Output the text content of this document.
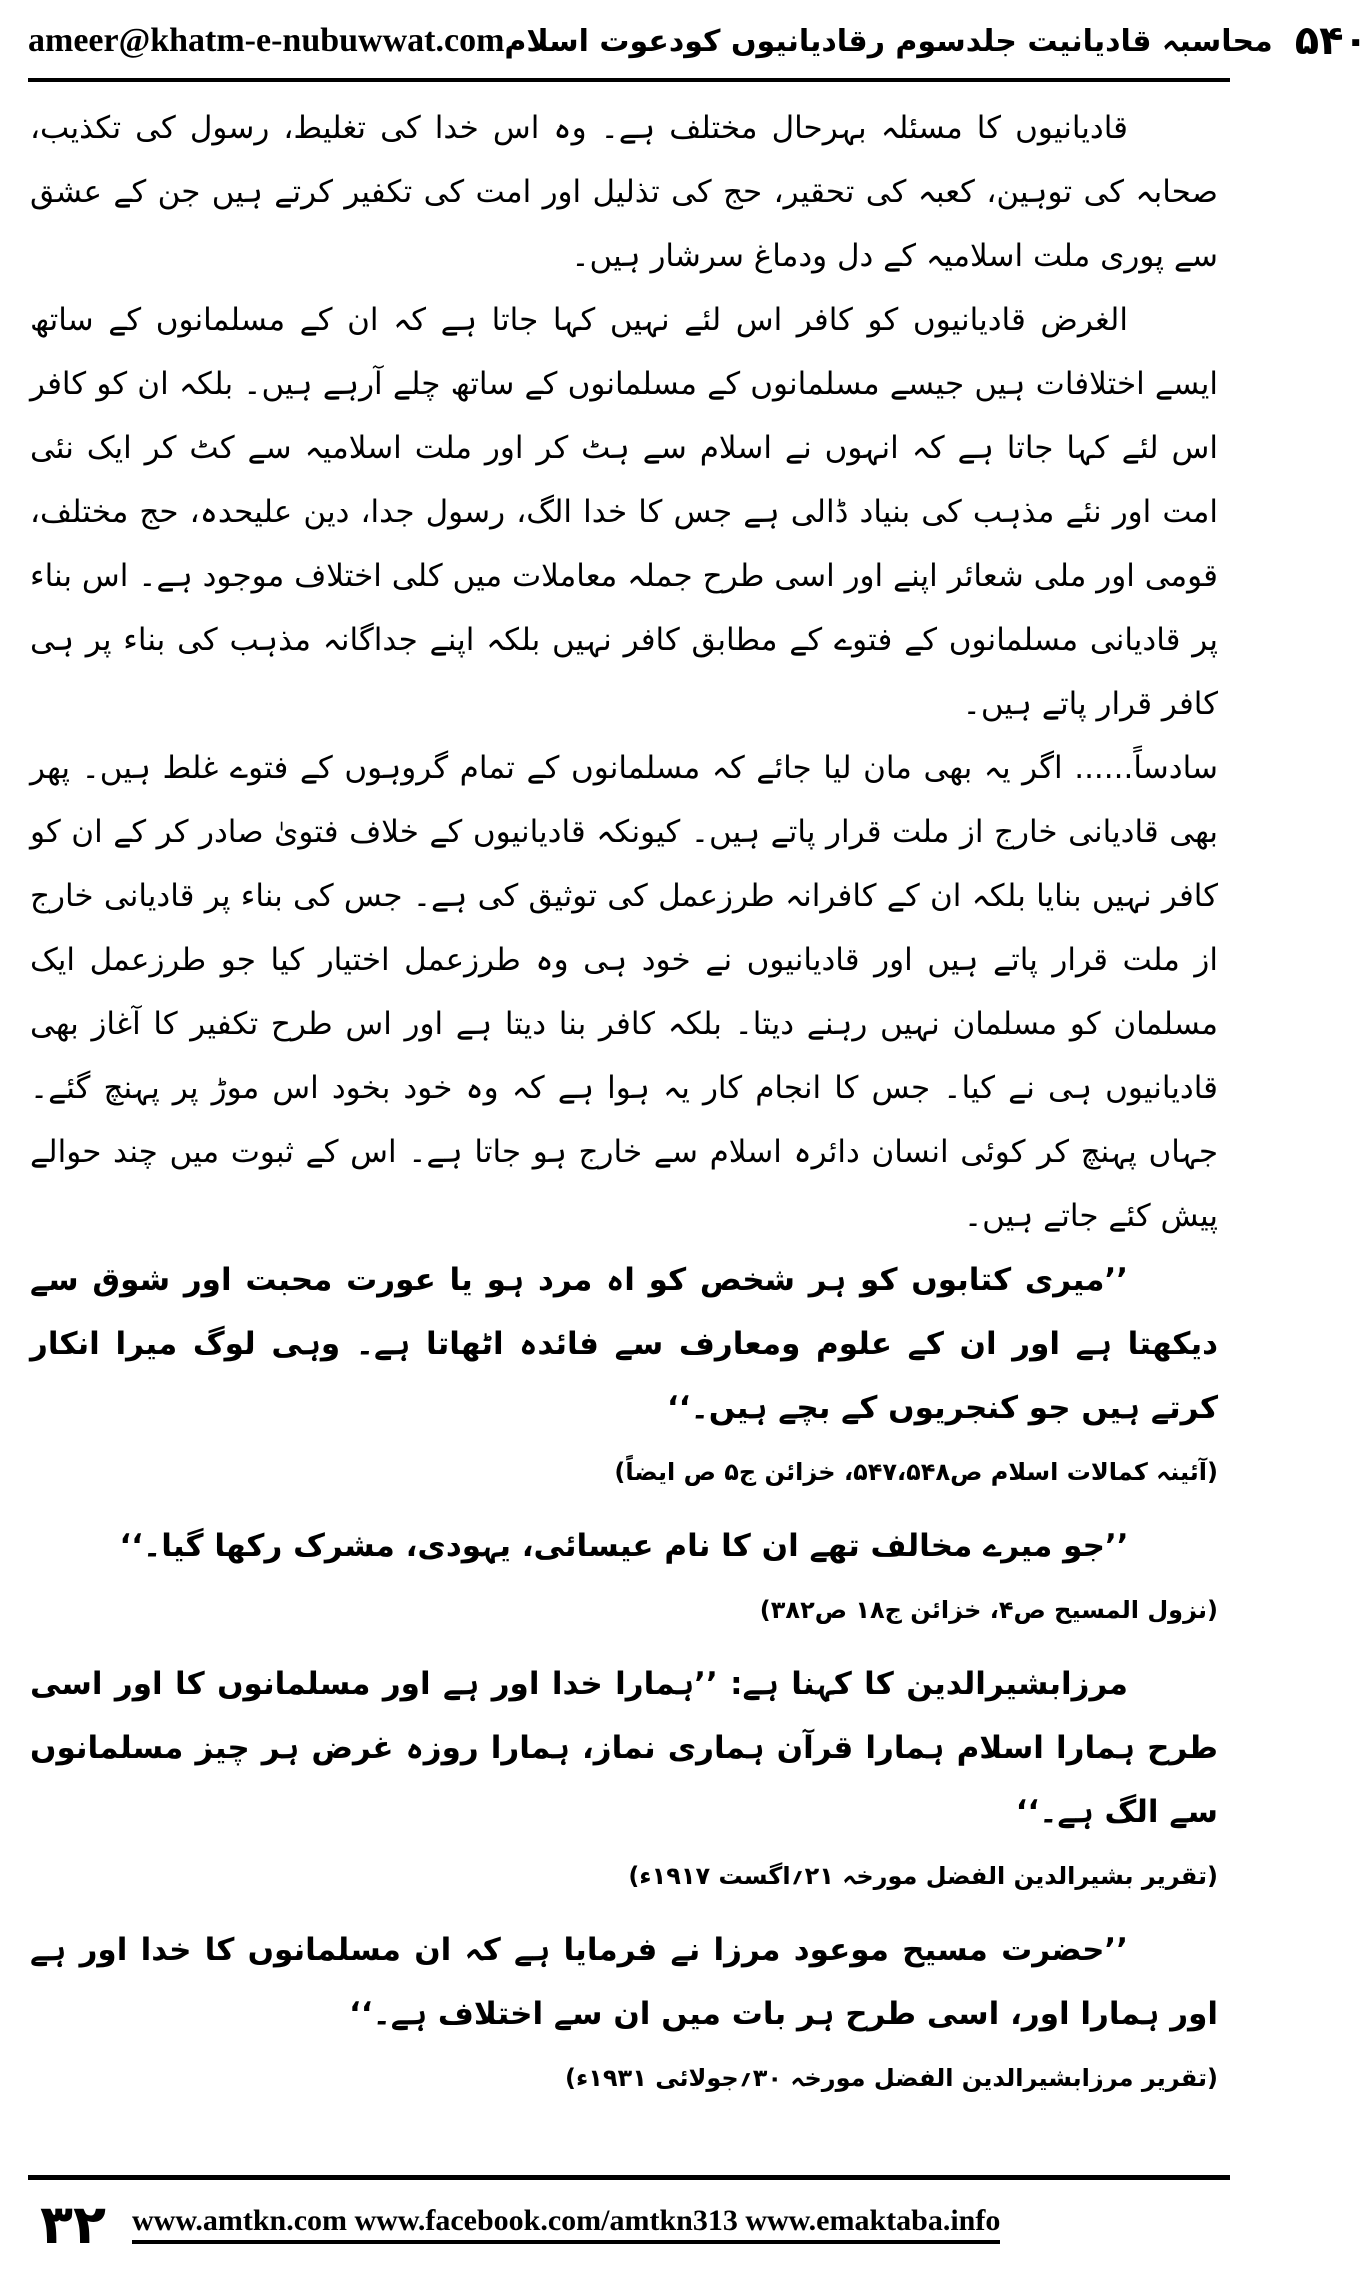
ameer@khatm-e-nubuwwat.com محاسبہ قادیانیت جلدسوم رقادیانیوں کودعوت اسلام ۵۴۰

قادیانیوں کا مسئلہ بہرحال مختلف ہے۔ وہ اس خدا کی تغلیط، رسول کی تکذیب، صحابہ کی توہین، کعبہ کی تحقیر، حج کی تذلیل اور امت کی تکفیر کرتے ہیں جن کے عشق سے پوری ملت اسلامیہ کے دل ودماغ سرشار ہیں۔

الغرض قادیانیوں کو کافر اس لئے نہیں کہا جاتا ہے کہ ان کے مسلمانوں کے ساتھ ایسے اختلافات ہیں جیسے مسلمانوں کے مسلمانوں کے ساتھ چلے آرہے ہیں۔ بلکہ ان کو کافر اس لئے کہا جاتا ہے کہ انہوں نے اسلام سے ہٹ کر اور ملت اسلامیہ سے کٹ کر ایک نئی امت اور نئے مذہب کی بنیاد ڈالی ہے جس کا خدا الگ، رسول جدا، دین علیحدہ، حج مختلف، قومی اور ملی شعائر اپنے اور اسی طرح جملہ معاملات میں کلی اختلاف موجود ہے۔ اس بناء پر قادیانی مسلمانوں کے فتوے کے مطابق کافر نہیں بلکہ اپنے جداگانہ مذہب کی بناء پر ہی کافر قرار پاتے ہیں۔

سادساً...... اگر یہ بھی مان لیا جائے کہ مسلمانوں کے تمام گروہوں کے فتوے غلط ہیں۔ پھر بھی قادیانی خارج از ملت قرار پاتے ہیں۔ کیونکہ قادیانیوں کے خلاف فتویٰ صادر کر کے ان کو کافر نہیں بنایا بلکہ ان کے کافرانہ طرزعمل کی توثیق کی ہے۔ جس کی بناء پر قادیانی خارج از ملت قرار پاتے ہیں اور قادیانیوں نے خود ہی وہ طرزعمل اختیار کیا جو طرزعمل ایک مسلمان کو مسلمان نہیں رہنے دیتا۔ بلکہ کافر بنا دیتا ہے اور اس طرح تکفیر کا آغاز بھی قادیانیوں ہی نے کیا۔ جس کا انجام کار یہ ہوا ہے کہ وہ خود بخود اس موڑ پر پہنچ گئے۔ جہاں پہنچ کر کوئی انسان دائرہ اسلام سے خارج ہو جاتا ہے۔ اس کے ثبوت میں چند حوالے پیش کئے جاتے ہیں۔

’’میری کتابوں کو ہر شخص کو اہ مرد ہو یا عورت محبت اور شوق سے دیکھتا ہے اور ان کے علوم ومعارف سے فائدہ اٹھاتا ہے۔ وہی لوگ میرا انکار کرتے ہیں جو کنجریوں کے بچے ہیں۔‘‘

(آئینہ کمالات اسلام ص۵۴۷،۵۴۸، خزائن ج۵ ص ایضاً)

’’جو میرے مخالف تھے ان کا نام عیسائی، یہودی، مشرک رکھا گیا۔‘‘

(نزول المسیح ص۴، خزائن ج۱۸ ص۳۸۲)

مرزابشیرالدین کا کہنا ہے: ’’ہمارا خدا اور ہے اور مسلمانوں کا اور اسی طرح ہمارا اسلام ہمارا قرآن ہماری نماز، ہمارا روزہ غرض ہر چیز مسلمانوں سے الگ ہے۔‘‘

(تقریر بشیرالدین الفضل مورخہ ۲۱؍اگست ۱۹۱۷ء)

’’حضرت مسیح موعود مرزا نے فرمایا ہے کہ ان مسلمانوں کا خدا اور ہے اور ہمارا اور، اسی طرح ہر بات میں ان سے اختلاف ہے۔‘‘

(تقریر مرزابشیرالدین الفضل مورخہ ۳۰؍جولائی ۱۹۳۱ء)

۳۲ www.amtkn.com www.facebook.com/amtkn313 www.emaktaba.info
